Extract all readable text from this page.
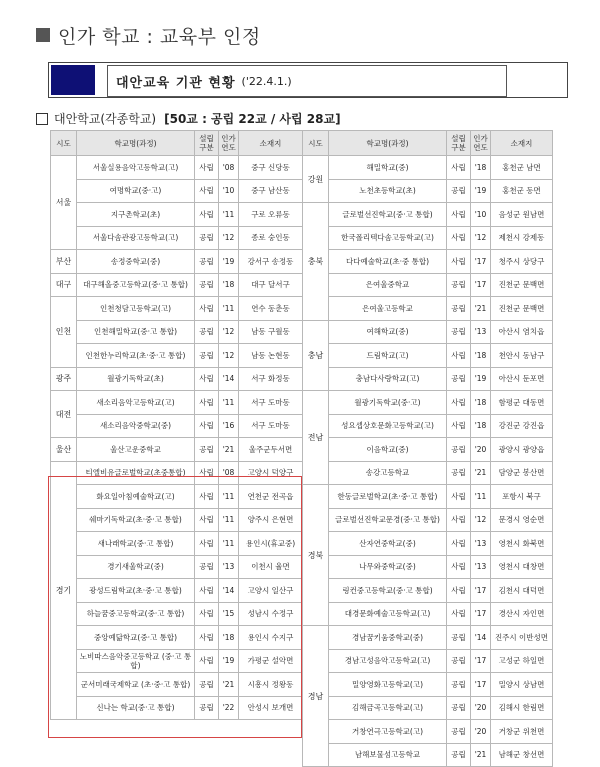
인가 학교 : 교육부 인정
대안교육 기관 현황 ('22.4.1.)
대안학교(각종학교) [50교 : 공립 22교 / 사립 28교]
시도	학교명(과정)	설립 구분	인가 연도	소재지
서울	서울실용음악고등학교(고)	사립	'08	중구 신당동
	여명학교(중·고)	사립	'10	중구 남산동
	지구촌학교(초)	사립	'11	구로 오류동
	서울다솜관광고등학교(고)	공립	'12	종로 숭인동
부산	송정중학교(중)	공립	'19	강서구 송정동
대구	대구해올중고등학교(중·고 통합)	공립	'18	대구 달서구
인천	인천청담고등학교(고)	사립	'11	연수 동춘동
	인천해밀학교(중·고 통합)	공립	'12	남동 구월동
	인천한누리학교(초·중·고 통합)	공립	'12	남동 논현동
광주	월광기독학교(초)	사립	'14	서구 화정동
대전	새소리음악고등학교(고)	사립	'11	서구 도마동
	새소리음악중학교(중)	사립	'16	서구 도마동
울산	울산고운중학교	공립	'21	울주군두서면
경기	티엘비유글로벌학교(초중통합)	사립	'08	고양시 덕양구
	화요일아침예술학교(고)	사립	'11	연천군 전곡읍
	쉐마기독학교(초·중·고 통합)	사립	'11	양주시 은현면
	새나래학교(중·고 통합)	사립	'11	용인시(휴교중)
	경기새울학교(중)	공립	'13	이천시 율면
	광성드림학교(초·중·고 통합)	사립	'14	고양시 일산구
	하늘꿈중고등학교(중·고 통합)	사립	'15	성남시 수정구
	중앙예닮학교(중·고 통합)	사립	'18	용인시 수지구
	노비따스음악중고등학교 (중·고 통합)	사립	'19	가평군 설악면
	군서미래국제학교 (초·중·고 통합)	공립	'21	시흥시 정왕동
	신나는 학교(중·고 통합)	공립	'22	안성시 보개면
시도	학교명(과정)	설립 구분	인가 연도	소재지
강원	해밀학교(중)	사립	'18	홍천군 남면
	노천초등학교(초)	공립	'19	홍천군 동면
충북	글로벌선진학교(중·고 통합)	사립	'10	음성군 원남면
	한국폴리텍다솜고등학교(고)	사립	'12	제천시 강제동
	다다예술학교(초·중 통합)	사립	'17	청주시 상당구
	은여울중학교	공립	'17	진천군 문백면
	은여울고등학교	공립	'21	진천군 문백면
충남	여해학교(중)	공립	'13	아산시 염치읍
	드림학교(고)	사립	'18	천안시 동남구
	충남다사랑학교(고)	공립	'19	아산시 둔포면
전남	월광기독학교(중·고)	사립	'18	함평군 대동면
	성요셉상호문화고등학교(고)	사립	'18	강진군 강진읍
	이음학교(중)	공립	'20	광양시 광양읍
	송강고등학교	공립	'21	담양군 봉산면
경북	한동글로벌학교(초·중·고 통합)	사립	'11	포항시 북구
	글로벌선진학교문경(중·고 통합)	사립	'12	문경시 영순면
	산자연중학교(중)	사립	'13	영천시 화북면
	나무와중학교(중)	사립	'13	영천시 대창면
	링컨중고등학교(중·고 통합)	사립	'17	김천시 대덕면
	대경문화예술고등학교(고)	사립	'17	경산시 자인면
경남	경남꿈키움중학교(중)	공립	'14	진주시 이반성면
	경남고성음악고등학교(고)	공립	'17	고성군 하일면
	밀양영화고등학교(고)	공립	'17	밀양시 상남면
	김해금곡고등학교(고)	공립	'20	김해시 한림면
	거창연극고등학교(고)	공립	'20	거창군 위천면
	남해보물섬고등학교	공립	'21	남해군 창선면
